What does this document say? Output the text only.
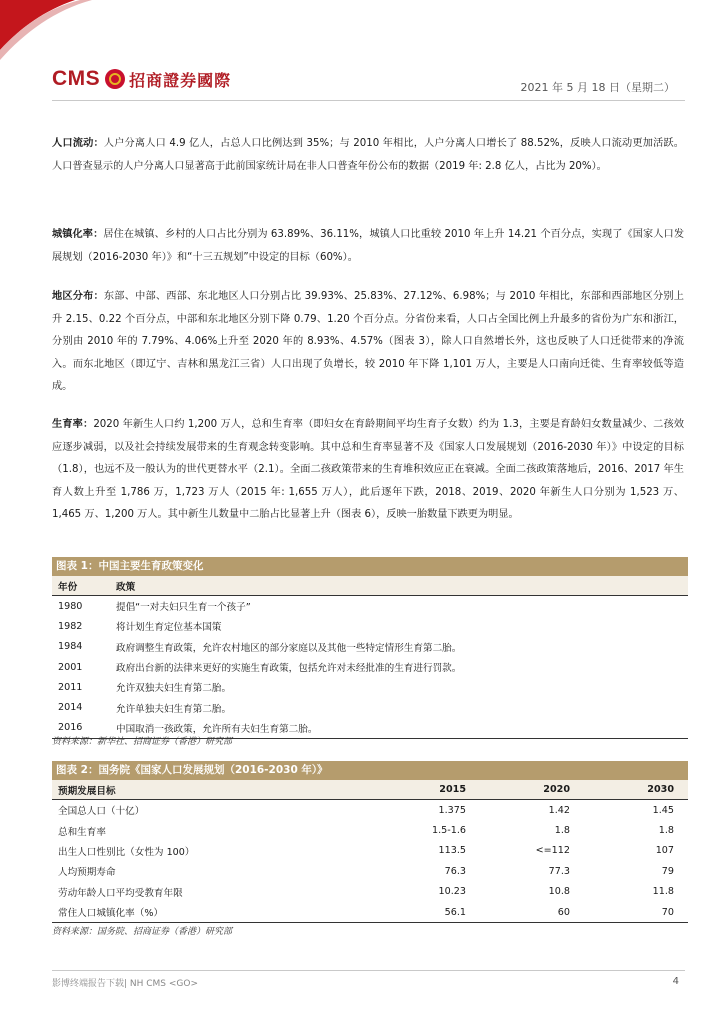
CMS 招商證券國際	2021 年 5 月 18 日（星期二）
人口流动：人户分离人口 4.9 亿人，占总人口比例达到 35%；与 2010 年相比，人户分离人口增长了 88.52%，反映人口流动更加活跃。人口普查显示的人户分离人口显著高于此前国家统计局在非人口普查年份公布的数据（2019 年: 2.8 亿人，占比为 20%）。
城镇化率：居住在城镇、乡村的人口占比分别为 63.89%、36.11%，城镇人口比重较 2010 年上升 14.21 个百分点，实现了《国家人口发展规划（2016-2030 年）》和“十三五规划”中设定的目标（60%）。
地区分布：东部、中部、西部、东北地区人口分别占比 39.93%、25.83%、27.12%、6.98%；与 2010 年相比，东部和西部地区分别上升 2.15、0.22 个百分点，中部和东北地区分别下降 0.79、1.20 个百分点。分省份来看，人口占全国比例上升最多的省份为广东和浙江，分别由 2010 年的 7.79%、4.06%上升至 2020 年的 8.93%、4.57%（图表 3），除人口自然增长外，这也反映了人口迁徙带来的净流入。而东北地区（即辽宁、吉林和黑龙江三省）人口出现了负增长，较 2010 年下降 1,101 万人，主要是人口南向迁徙、生育率较低等造成。
生育率：2020 年新生人口约 1,200 万人，总和生育率（即妇女在育龄期间平均生育子女数）约为 1.3，主要是育龄妇女数量减少、二孩效应逐步减弱，以及社会持续发展带来的生育观念转变影响。其中总和生育率显著不及《国家人口发展规划（2016-2030 年）》中设定的目标（1.8），也远不及一般认为的世代更替水平（2.1）。全面二孩政策带来的生育堆积效应正在衰减。全面二孩政策落地后，2016、2017 年生育人数上升至 1,786 万，1,723 万人（2015 年: 1,655 万人），此后逐年下跌，2018、2019、2020 年新生人口分别为 1,523 万、1,465 万、1,200 万人。其中新生儿数量中二胎占比显著上升（图表 6），反映一胎数量下跌更为明显。
图表 1：中国主要生育政策变化
年份	政策
1980	提倡“一对夫妇只生育一个孩子”
1982	将计划生育定位基本国策
1984	政府调整生育政策，允许农村地区的部分家庭以及其他一些特定情形生育第二胎。
2001	政府出台新的法律来更好的实施生育政策，包括允许对未经批准的生育进行罚款。
2011	允许双独夫妇生育第二胎。
2014	允许单独夫妇生育第二胎。
2016	中国取消一孩政策，允许所有夫妇生育第二胎。
资料来源：新华社、招商证券（香港）研究部
图表 2：国务院《国家人口发展规划（2016-2030 年）》
预期发展目标	2015	2020	2030
全国总人口（十亿）	1.375	1.42	1.45
总和生育率	1.5-1.6	1.8	1.8
出生人口性别比（女性为 100）	113.5	<=112	107
人均预期寿命	76.3	77.3	79
劳动年龄人口平均受教育年限	10.23	10.8	11.8
常住人口城镇化率（%）	56.1	60	70
资料来源：国务院、招商证券（香港）研究部
影博终端报告下载| NH CMS <GO>	4
